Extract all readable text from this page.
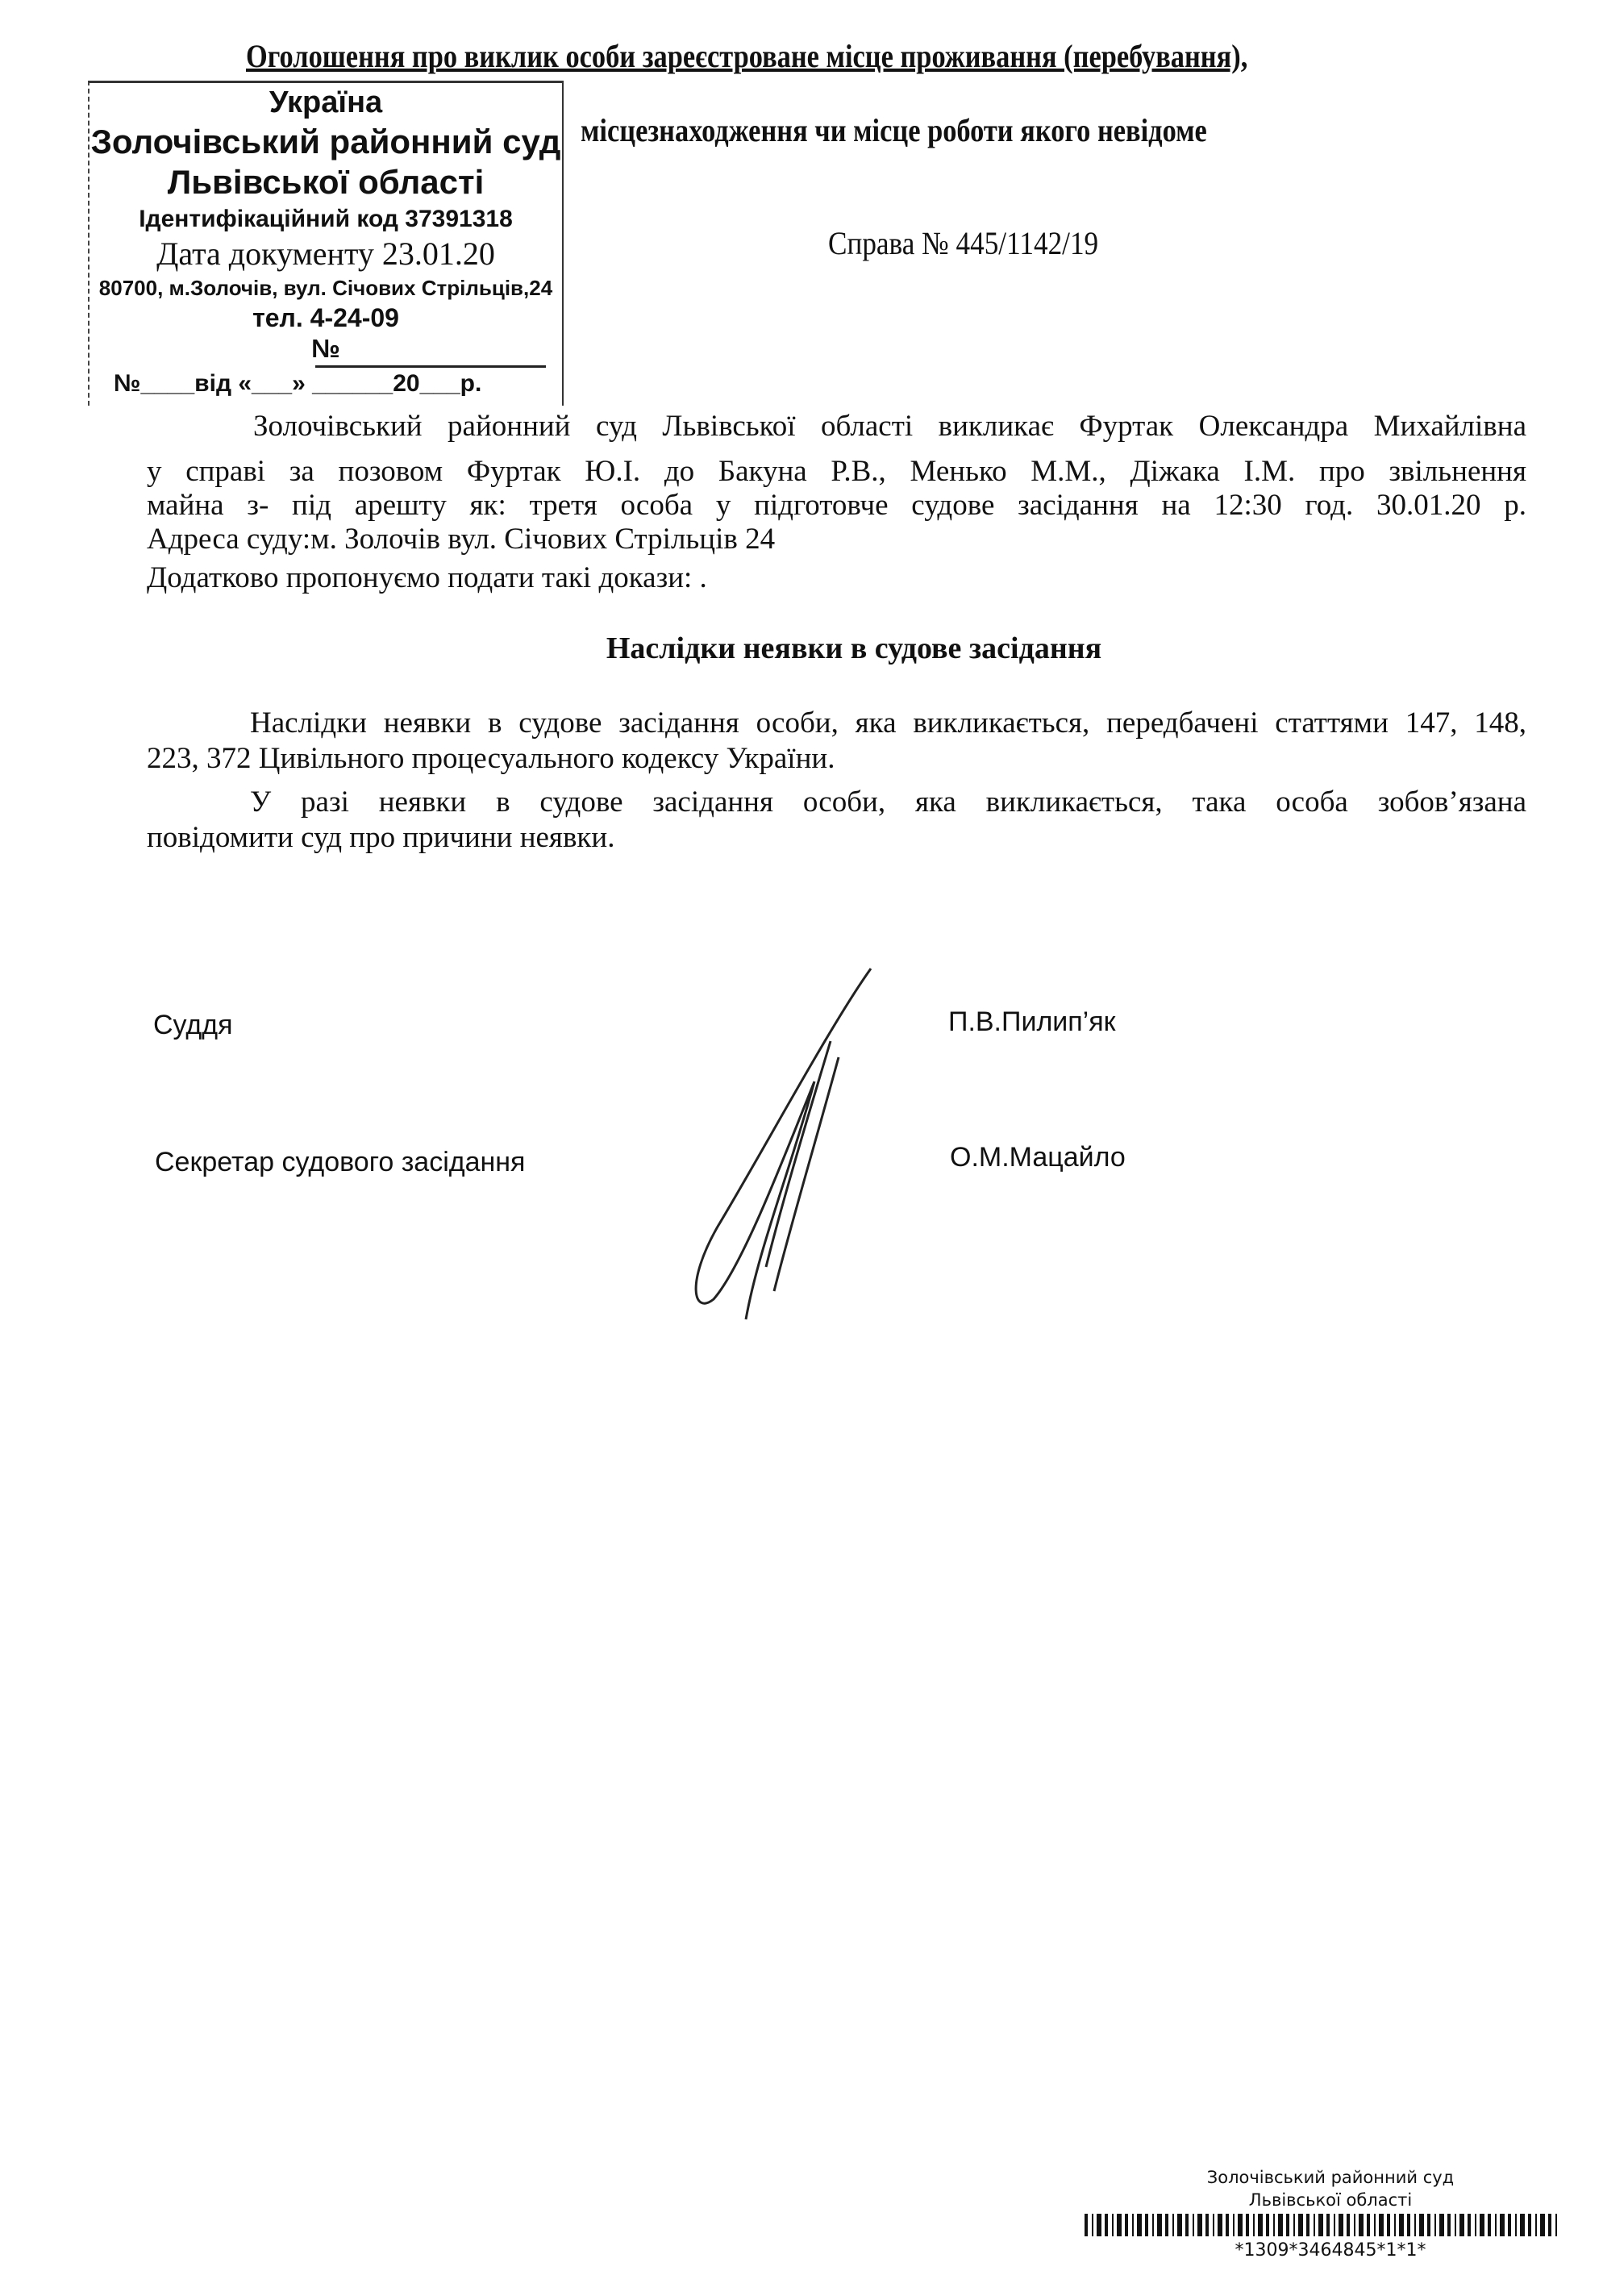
Оголошення про виклик особи зареєстроване місце проживання (перебування),
місцезнаходження чи місце роботи якого невідоме
Україна
Золочівський районний суд
Львівської області
Ідентифікаційний код 37391318
Дата документу 23.01.20
80700, м.Золочів, вул. Січових Стрільців,24
тел. 4-24-09
№
№____від «___» ______20___р.
Справа № 445/1142/19
Золочівський районний суд Львівської області викликає Фуртак Олександра Михайлівна
у справі за позовом Фуртак Ю.І. до Бакуна Р.В., Менько М.М., Діжака І.М. про звільнення
майна з- під арешту як: третя особа у підготовче судове засідання на 12:30 год. 30.01.20 р.
Адреса суду:м. Золочів вул. Січових Стрільців 24
Додатково пропонуємо подати такі докази: .
Наслідки неявки в судове засідання
Наслідки неявки в судове засідання особи, яка викликається, передбачені статтями 147, 148,
223, 372 Цивільного процесуального кодексу України.
У разі неявки в судове засідання особи, яка викликається, така особа зобов’язана
повідомити суд про причини неявки.
Суддя	П.В.Пилип’як
Секретар судового засідання	О.М.Мацайло
Золочівський районний суд
Львівської області
*1309*3464845*1*1*
